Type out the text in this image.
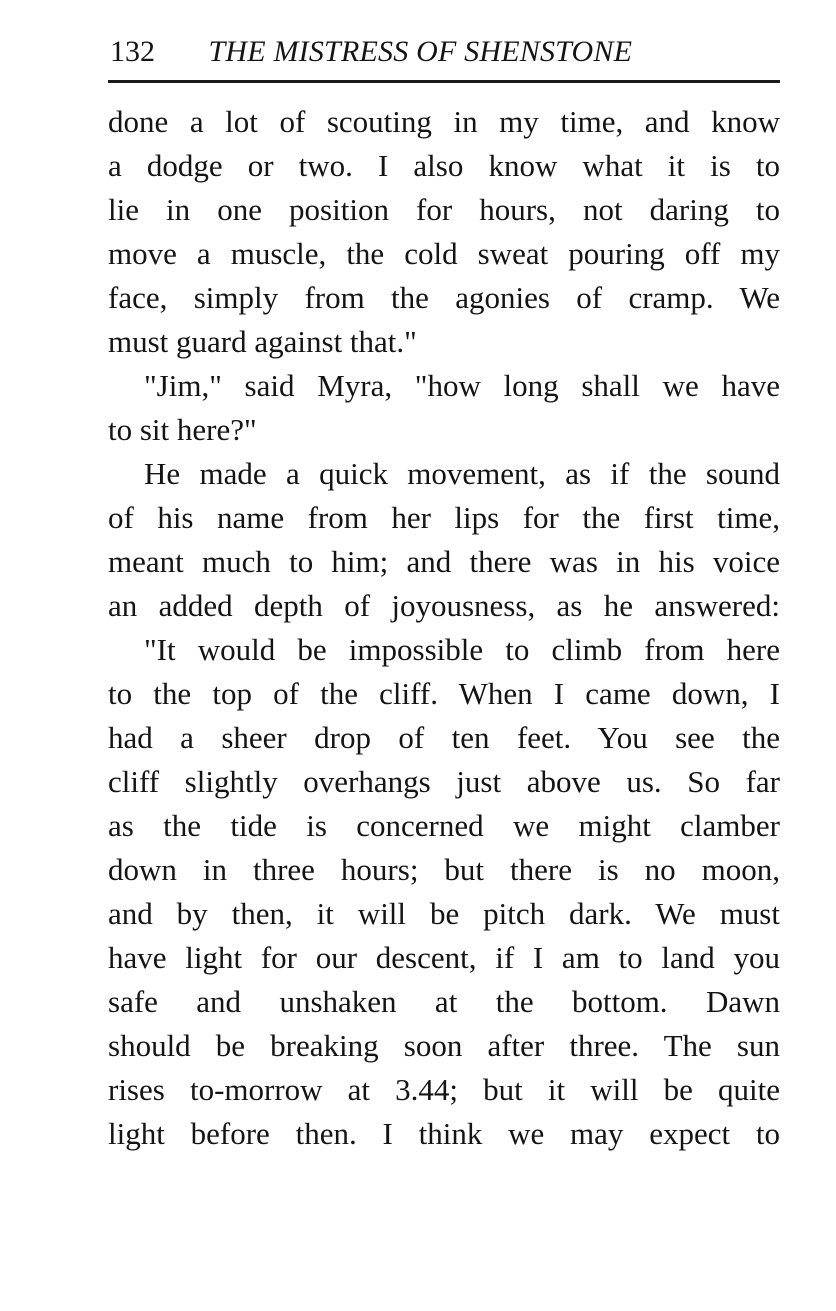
132 THE MISTRESS OF SHENSTONE

done a lot of scouting in my time, and know
a dodge or two. I also know what it is to
lie in one position for hours, not daring to
move a muscle, the cold sweat pouring off my
face, simply from the agonies of cramp. We
must guard against that."

"Jim," said Myra, "how long shall we have
to sit here?"

He made a quick movement, as if the sound
of his name from her lips for the first time,
meant much to him; and there was in his voice
an added depth of joyousness, as he answered:

"It would be impossible to climb from here
to the top of the cliff. When I came down, I
had a sheer drop of ten feet. You see the
cliff slightly overhangs just above us. So far
as the tide is concerned we might clamber
down in three hours; but there is no moon,
and by then, it will be pitch dark. We must
have light for our descent, if I am to land you
safe and unshaken at the bottom. Dawn
should be breaking soon after three. The sun
rises to-morrow at 3.44; but it will be quite
light before then. I think we may expect to
